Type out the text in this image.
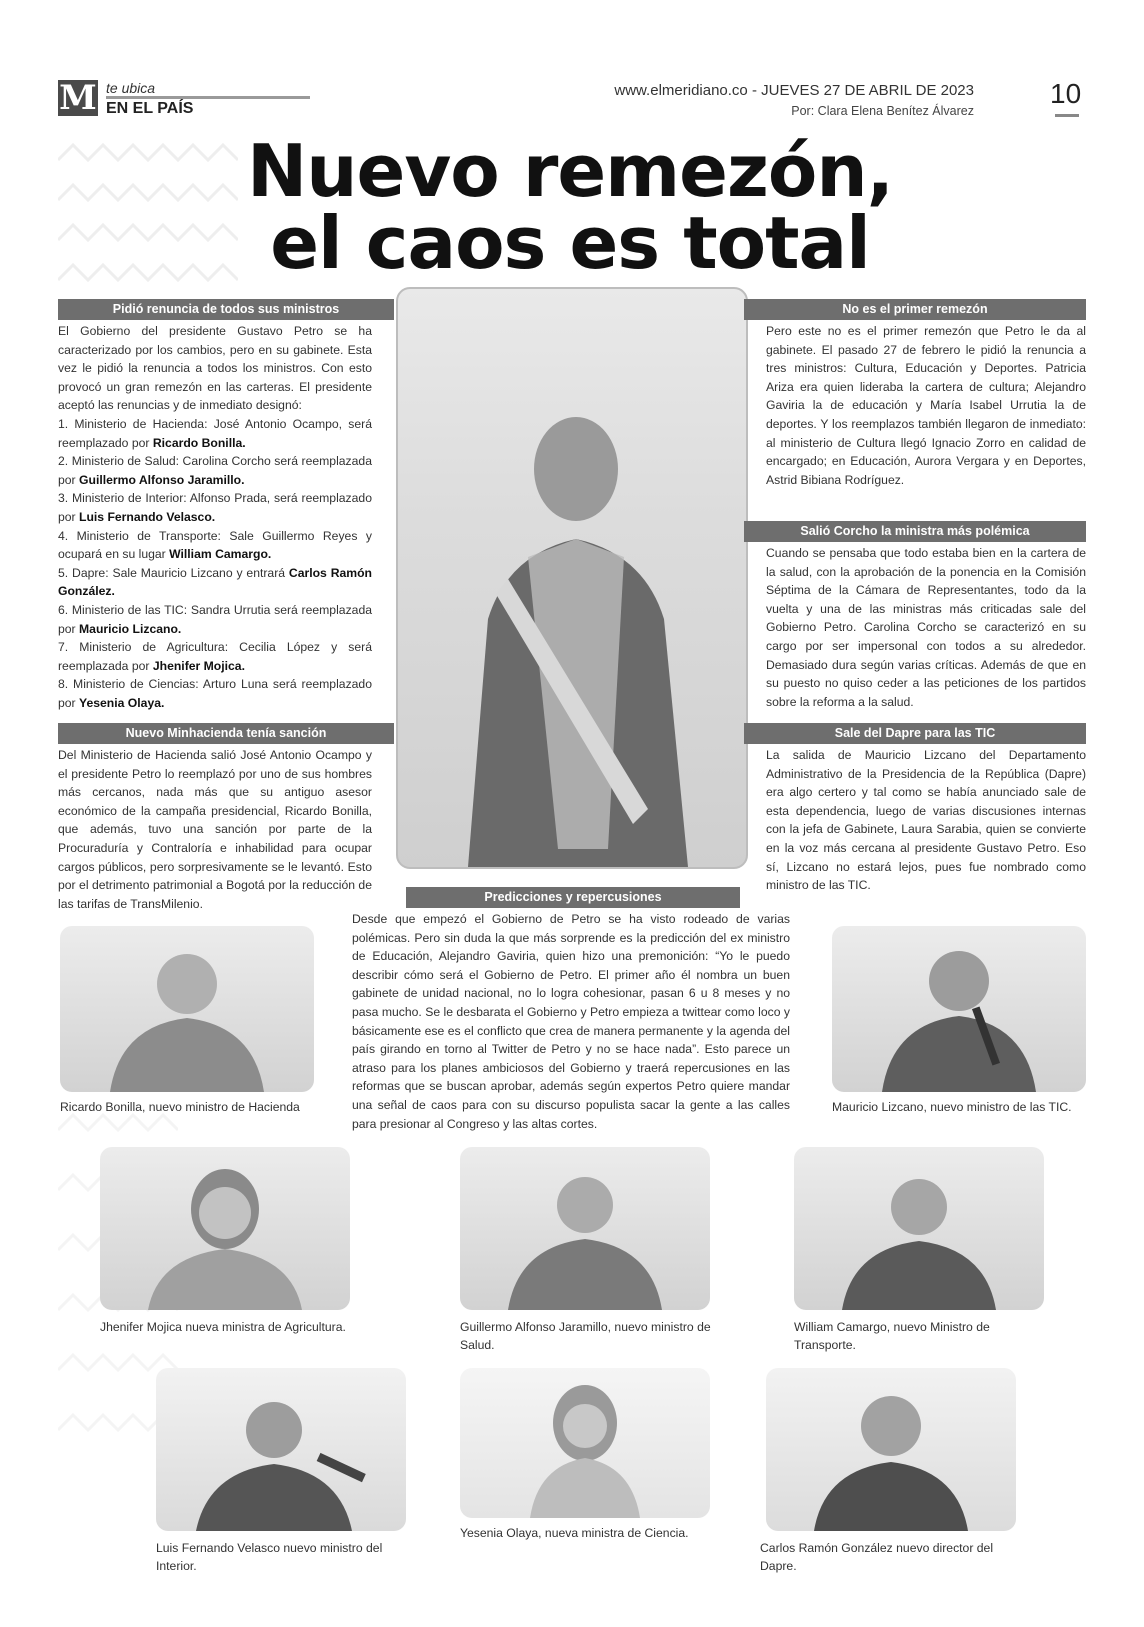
M te ubica
EN EL PAÍS
www.elmeridiano.co - JUEVES 27 DE ABRIL DE 2023
Por: Clara Elena Benítez Álvarez
10
Nuevo remezón,
el caos es total
Pidió renuncia de todos sus ministros

El Gobierno del presidente Gustavo Petro se ha caracterizado por los cambios, pero en su gabinete. Esta vez le pidió la renuncia a todos los ministros. Con esto provocó un gran remezón en las carteras. El presidente aceptó las renuncias y de inmediato designó:

1. Ministerio de Hacienda: José Antonio Ocampo, será reemplazado por Ricardo Bonilla.

2. Ministerio de Salud: Carolina Corcho será reemplazada por Guillermo Alfonso Jaramillo.

3. Ministerio de Interior: Alfonso Prada, será reemplazado por Luis Fernando Velasco.

4. Ministerio de Transporte: Sale Guillermo Reyes y ocupará en su lugar William Camargo.

5. Dapre: Sale Mauricio Lizcano y entrará Carlos Ramón González.

6. Ministerio de las TIC: Sandra Urrutia será reemplazada por Mauricio Lizcano.

7. Ministerio de Agricultura: Cecilia López y será reemplazada por Jhenifer Mojica.

8. Ministerio de Ciencias: Arturo Luna será reemplazado por Yesenia Olaya.

Nuevo Minhacienda tenía sanción

Del Ministerio de Hacienda salió José Antonio Ocampo y el presidente Petro lo reemplazó por uno de sus hombres más cercanos, nada más que su antiguo asesor económico de la campaña presidencial, Ricardo Bonilla, que además, tuvo una sanción por parte de la Procuraduría y Contraloría e inhabilidad para ocupar cargos públicos, pero sorpresivamente se le levantó. Esto por el detrimento patrimonial a Bogotá por la reducción de las tarifas de TransMilenio.

No es el primer remezón

Pero este no es el primer remezón que Petro le da al gabinete. El pasado 27 de febrero le pidió la renuncia a tres ministros: Cultura, Educación y Deportes. Patricia Ariza era quien lideraba la cartera de cultura; Alejandro Gaviria la de educación y María Isabel Urrutia la de deportes. Y los reemplazos también llegaron de inmediato: al ministerio de Cultura llegó Ignacio Zorro en calidad de encargado; en Educación, Aurora Vergara y en Deportes, Astrid Bibiana Rodríguez.

Salió Corcho la ministra más polémica

Cuando se pensaba que todo estaba bien en la cartera de la salud, con la aprobación de la ponencia en la Comisión Séptima de la Cámara de Representantes, todo da la vuelta y una de las ministras más criticadas sale del Gobierno Petro. Carolina Corcho se caracterizó en su cargo por ser impersonal con todos a su alrededor. Demasiado dura según varias críticas. Además de que en su puesto no quiso ceder a las peticiones de los partidos sobre la reforma a la salud.

Sale del Dapre para las TIC

La salida de Mauricio Lizcano del Departamento Administrativo de la Presidencia de la República (Dapre) era algo certero y tal como se había anunciado sale de esta dependencia, luego de varias discusiones internas con la jefa de Gabinete, Laura Sarabia, quien se convierte en la voz más cercana al presidente Gustavo Petro. Eso sí, Lizcano no estará lejos, pues fue nombrado como ministro de las TIC.

Predicciones y repercusiones

Desde que empezó el Gobierno de Petro se ha visto rodeado de varias polémicas. Pero sin duda la que más sorprende es la predicción del ex ministro de Educación, Alejandro Gaviria, quien hizo una premonición: “Yo le puedo describir cómo será el Gobierno de Petro. El primer año él nombra un buen gabinete de unidad nacional, no lo logra cohesionar, pasan 6 u 8 meses y no pasa mucho. Se le desbarata el Gobierno y Petro empieza a twittear como loco y básicamente ese es el conflicto que crea de manera permanente y la agenda del país girando en torno al Twitter de Petro y no se hace nada”. Esto parece un atraso para los planes ambiciosos del Gobierno y traerá repercusiones en las reformas que se buscan aprobar, además según expertos Petro quiere mandar una señal de caos para con su discurso populista sacar la gente a las calles para presionar al Congreso y las altas cortes.

Ricardo Bonilla, nuevo ministro de Hacienda	Mauricio Lizcano, nuevo ministro de las TIC.
Jhenifer Mojica nueva ministra de Agricultura.	Guillermo Alfonso Jaramillo, nuevo ministro de Salud.
William Camargo, nuevo Ministro de Transporte.
Luis Fernando Velasco nuevo ministro del Interior.
Yesenia Olaya, nueva ministra de Ciencia.
Carlos Ramón González nuevo director del Dapre.
